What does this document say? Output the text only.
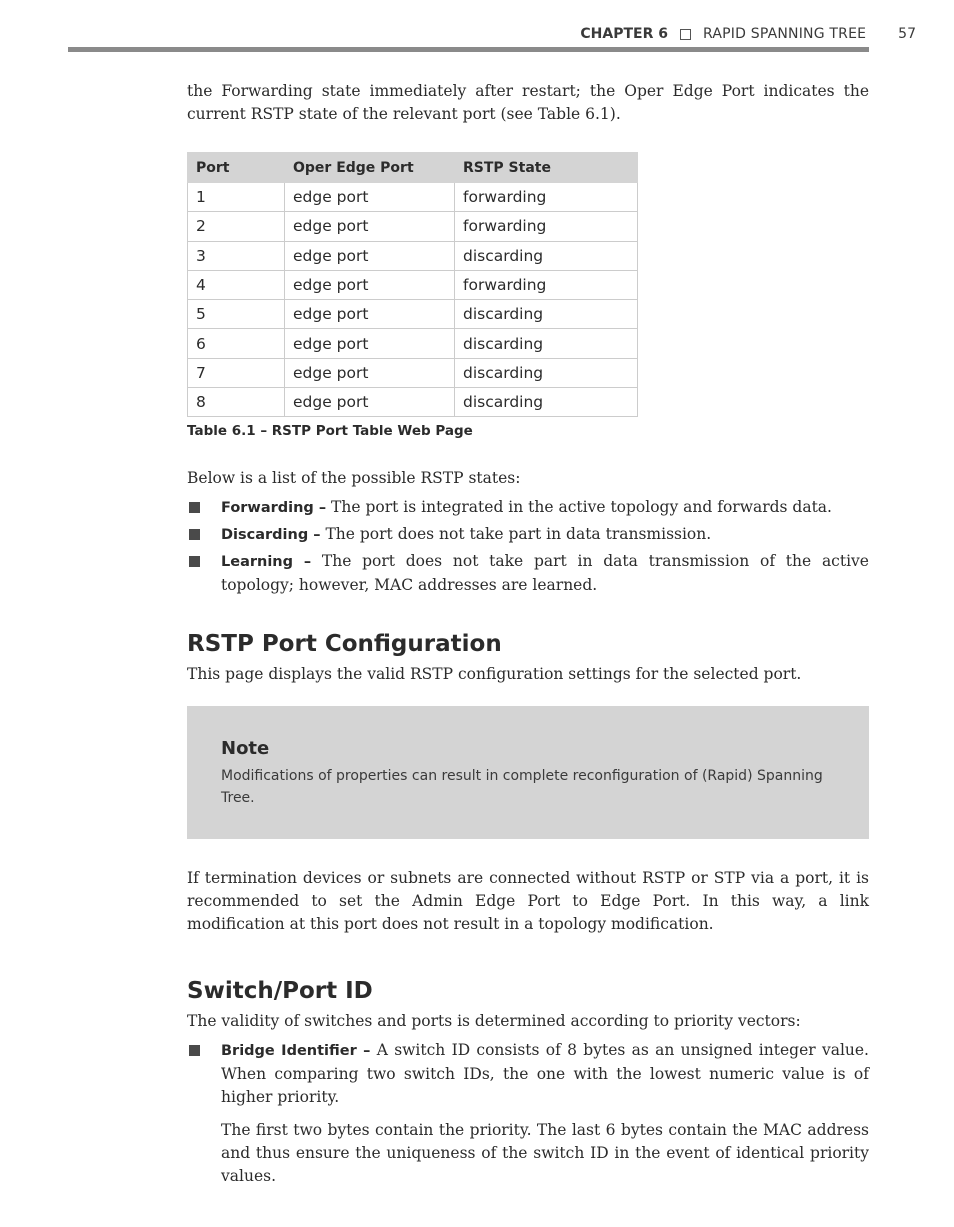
CHAPTER 6	RAPID SPANNING TREE 57

the Forwarding state immediately after restart; the Oper Edge Port indicates the current RSTP state of the relevant port (see Table 6.1).

Port	Oper Edge Port	RSTP State
1	edge port	forwarding
2	edge port	forwarding
3	edge port	discarding
4	edge port	forwarding
5	edge port	discarding
6	edge port	discarding
7	edge port	discarding
8	edge port	discarding
Table 6.1 – RSTP Port Table Web Page

Below is a list of the possible RSTP states:

Forwarding – The port is integrated in the active topology and forwards data.
Discarding – The port does not take part in data transmission.
Learning – The port does not take part in data transmission of the active topology; however, MAC addresses are learned.
RSTP Port Configuration

This page displays the valid RSTP configuration settings for the selected port.

Note
Modifications of properties can result in complete reconfiguration of (Rapid) Spanning Tree.

If termination devices or subnets are connected without RSTP or STP via a port, it is recommended to set the Admin Edge Port to Edge Port. In this way, a link modification at this port does not result in a topology modification.

Switch/Port ID

The validity of switches and ports is determined according to priority vectors:

Bridge Identifier – A switch ID consists of 8 bytes as an unsigned integer value. When comparing two switch IDs, the one with the lowest numeric value is of higher priority.

The first two bytes contain the priority. The last 6 bytes contain the MAC address and thus ensure the uniqueness of the switch ID in the event of identical priority values.
